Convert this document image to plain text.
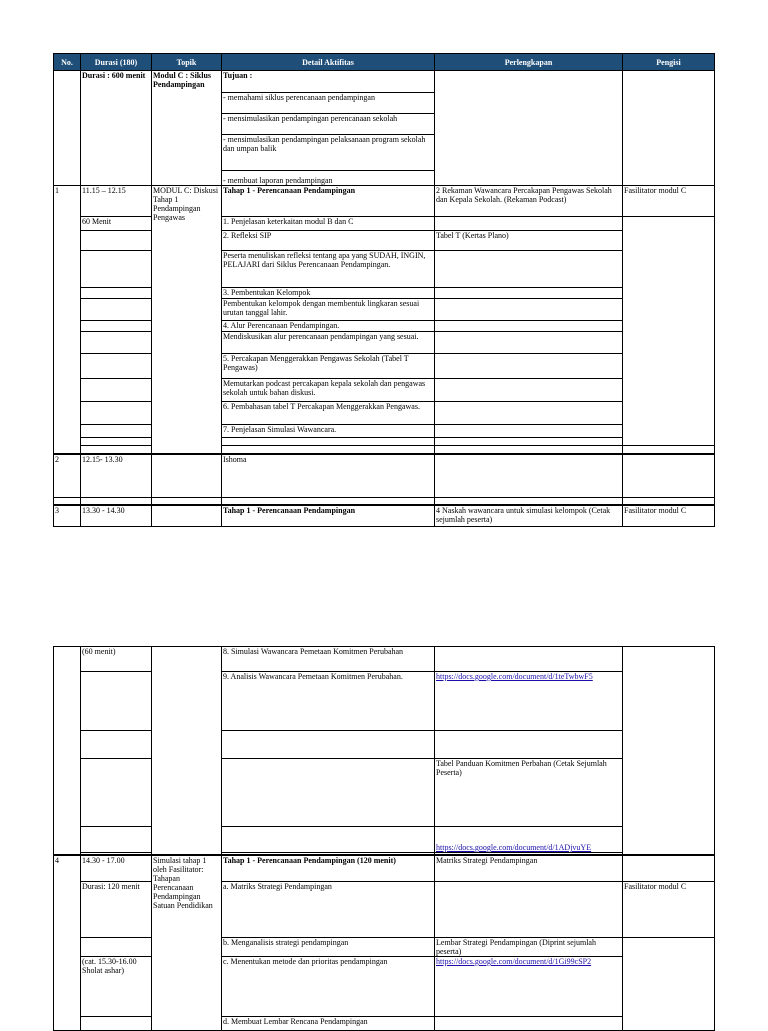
No.	Durasi (180)	Topik	Detail Aktifitas	Perlengkapan	Pengisi
	Durasi : 600 menit	Modul C : Siklus Pendampingan	Tujuan :		
			- memahami siklus perencanaan pendampingan		
			- mensimulasikan pendampingan perencanaan sekolah		
			- mensimulasikan pendampingan pelaksanaan program sekolah dan umpan balik		
			- membuat laporan pendampingan		
1	11.15 – 12.15	MODUL C: Diskusi Tahap 1 Pendampingan Pengawas	Tahap 1 - Perencanaan Pendampingan	2 Rekaman Wawancara Percakapan Pengawas Sekolah dan Kepala Sekolah. (Rekaman Podcast)	Fasilitator modul C
	60 Menit		1. Penjelasan keterkaitan modul B dan C		
			2. Refleksi SIP	Tabel T (Kertas Plano)	
			Peserta menuliskan refleksi tentang apa yang SUDAH, INGIN, PELAJARI dari Siklus Perencanaan Pendampingan.		
			3. Pembentukan Kelompok		
			Pembentukan kelompok dengan membentuk lingkaran sesuai urutan tanggal lahir.		
			4. Alur Perencanaan Pendampingan.		
			Mendiskusikan alur perencanaan pendampingan yang sesuai.		
			5. Percakapan Menggerakkan Pengawas Sekolah (Tabel T Pengawas)		
			Memutarkan podcast percakapan kepala sekolah dan pengawas sekolah untuk bahan diskusi.		
			6. Pembahasan tabel T Percakapan Menggerakkan Pengawas.		
			7. Penjelasan Simulasi Wawancara.		

2	12.15- 13.30		Ishoma		

3	13.30 - 14.30		Tahap 1 - Perencanaan Pendampingan	4 Naskah wawancara untuk simulasi kelompok (Cetak sejumlah peserta)	Fasilitator modul C
	(60 menit)		8. Simulasi Wawancara Pemetaan Komitmen Perubahan		
			9. Analisis Wawancara Pemetaan Komitmen Perubahan.	https://docs.google.com/document/d/1teTwbwF5	

				Tabel Panduan Komitmen Perbahan (Cetak Sejumlah Peserta)	
				https://docs.google.com/document/d/1ADjvuYE	

4	14.30 - 17.00	Simulasi tahap 1 oleh Fasilitator: Tahapan Perencanaan Pendampingan Satuan Pendidikan	Tahap 1 - Perencanaan Pendampingan (120 menit)	Matriks Strategi Pendampingan	
	Durasi: 120 menit		a. Matriks Strategi Pendampingan		Fasilitator modul C
			b. Menganalisis strategi pendampingan	Lembar Strategi Pendampingan (Diprint sejumlah peserta)	
	(cat. 15.30-16.00 Sholat ashar)		c. Menentukan metode dan prioritas pendampingan	https://docs.google.com/document/d/1Gi99cSP2	
			d. Membuat Lembar Rencana Pendampingan		
